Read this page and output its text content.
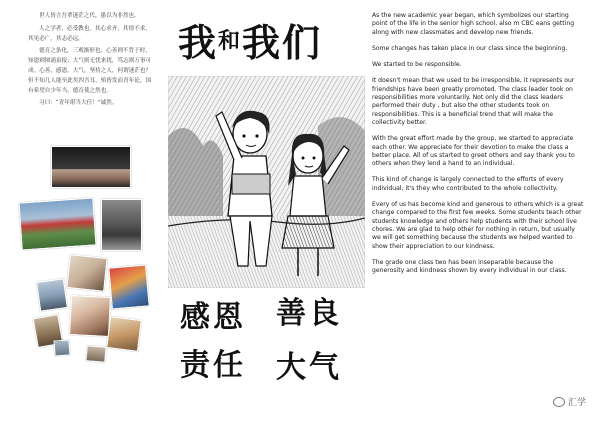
世人皆言吾辈迷茫之代，愚以为非然也。

人之学者，必受教也。其心求齐，其情不求，其见必广，其志必远。

德育之条化，三观渐形也；心善则不背于时，知恩则图涌泉报；大气则无忧来扰，笃志则万事可成。心善，感恩，大气，坚持之人，何谓迷茫也？但不知几人能至此矣四吾耳，殆皆发而青年论，国有希望自少年当，德育使之然也。

习曰：“青年堪当大任！”诚然。

我$^和$我们
感恩 善良
责任 大气

As the new academic year began, which symbolizes our starting point of the life in the senior high school, also m CBC eans getting along with new classmates and develop new friends.

Some changes has taken place in our class since the beginning.

We started to be responsible.

It doesn't mean that we used to be irresponsible, it represents our friendships have been greatly promoted. The class leader took on responsibilities more voluntarily. Not only did the class leaders performed their duty , but also the other students took on responsibilities. This is a beneficial trend that will make the collectivity better.

With the great effort made by the group, we started to appreciate each other. We appreciate for their devotion to make the class a better place. All of us started to greet others and say thank you to others when they lend a hand to an individual.

This kind of change is largely connected to the efforts of every individual, it's they who contributed to the whole collectivity.

Every of us has become kind and generous to others which is a great change compared to the first few weeks. Some students teach other students knowledge and others help students with their school live chores. We are glad to help other for nothing in return, but usually we will get something because the students we helped wanted to show their appreciation to our kindness.

The grade one class two has been inseparable because the generosity and kindness shown by every individual in our class.

汇学
